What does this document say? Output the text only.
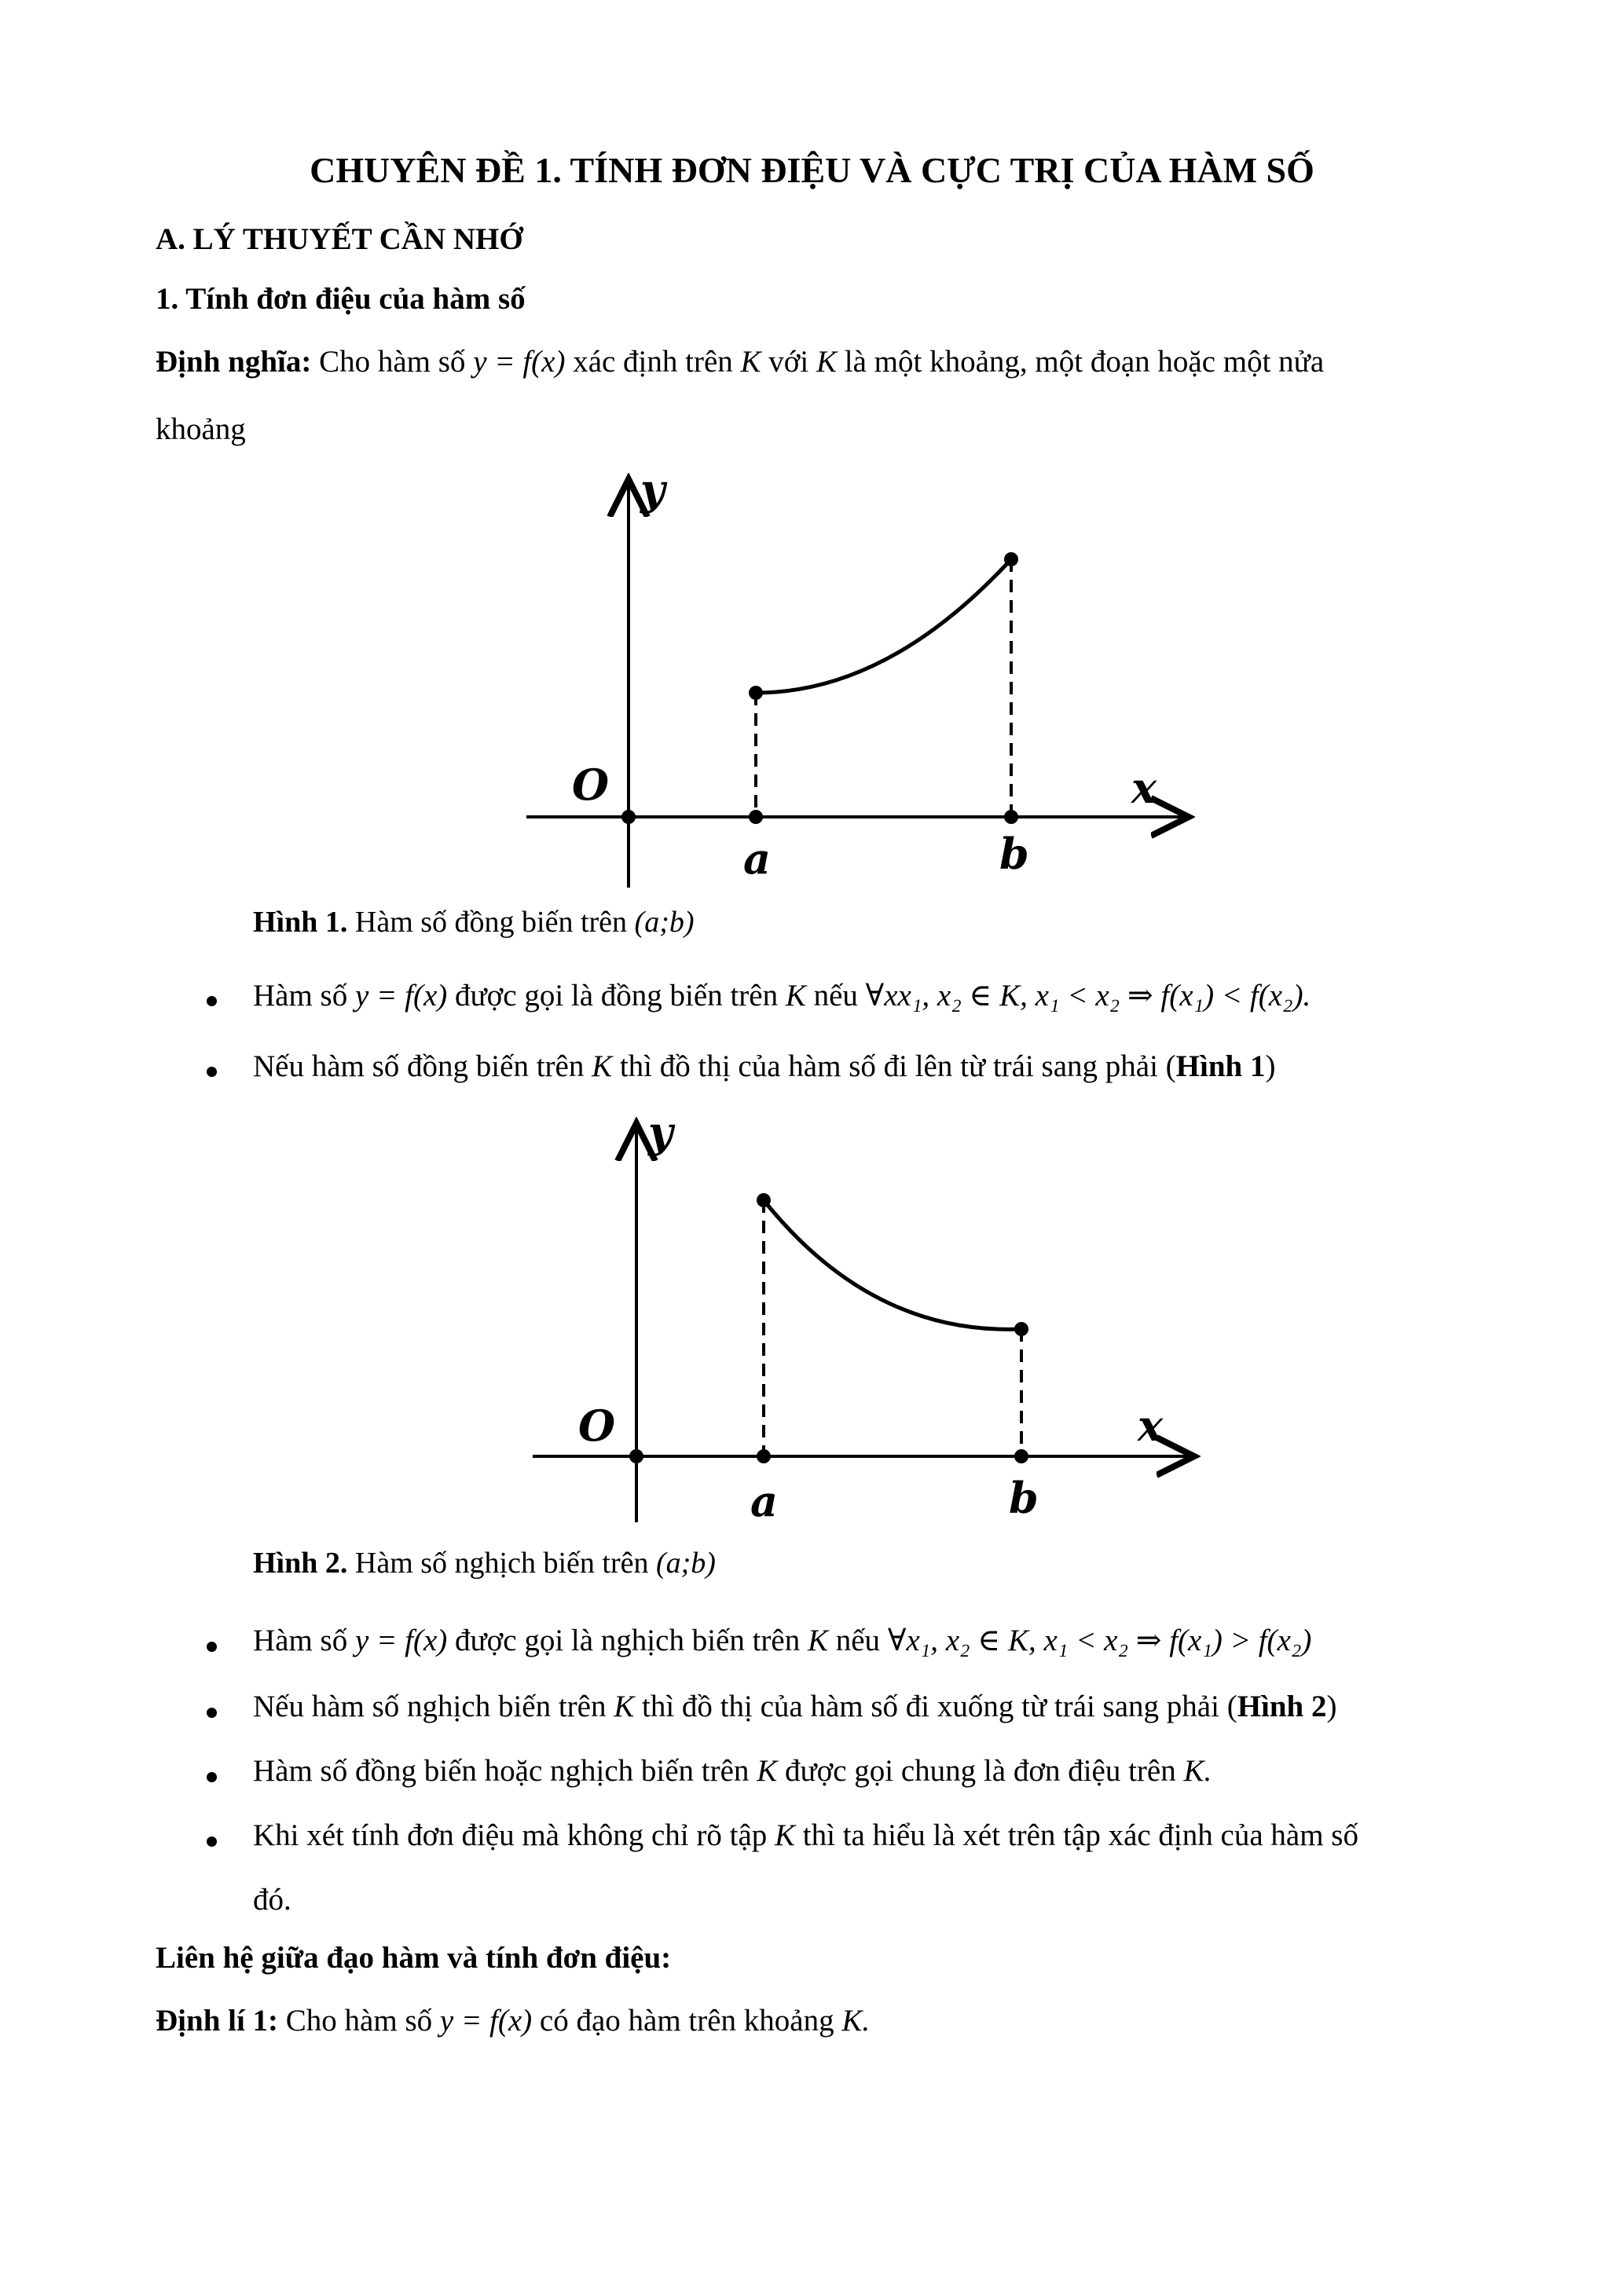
CHUYÊN ĐỀ 1. TÍNH ĐƠN ĐIỆU VÀ CỰC TRỊ CỦA HÀM SỐ
A. LÝ THUYẾT CẦN NHỚ
1. Tính đơn điệu của hàm số
Định nghĩa: Cho hàm số y = f(x) xác định trên K với K là một khoảng, một đoạn hoặc một nửa
khoảng
y
x
O
a	b
Hình 1. Hàm số đồng biến trên (a;b)
Hàm số y = f(x) được gọi là đồng biến trên K nếu ∀xx₁, x₂ ∈ K, x₁ < x₂ ⇒ f(x₁) < f(x₂).
Nếu hàm số đồng biến trên K thì đồ thị của hàm số đi lên từ trái sang phải (Hình 1)
y
x
O
a	b
Hình 2. Hàm số nghịch biến trên (a;b)
Hàm số y = f(x) được gọi là nghịch biến trên K nếu ∀x₁, x₂ ∈ K, x₁ < x₂ ⇒ f(x₁) > f(x₂)
Nếu hàm số nghịch biến trên K thì đồ thị của hàm số đi xuống từ trái sang phải (Hình 2)
Hàm số đồng biến hoặc nghịch biến trên K được gọi chung là đơn điệu trên K.
Khi xét tính đơn điệu mà không chỉ rõ tập K thì ta hiểu là xét trên tập xác định của hàm số
đó.
Liên hệ giữa đạo hàm và tính đơn điệu:
Định lí 1: Cho hàm số y = f(x) có đạo hàm trên khoảng K.
